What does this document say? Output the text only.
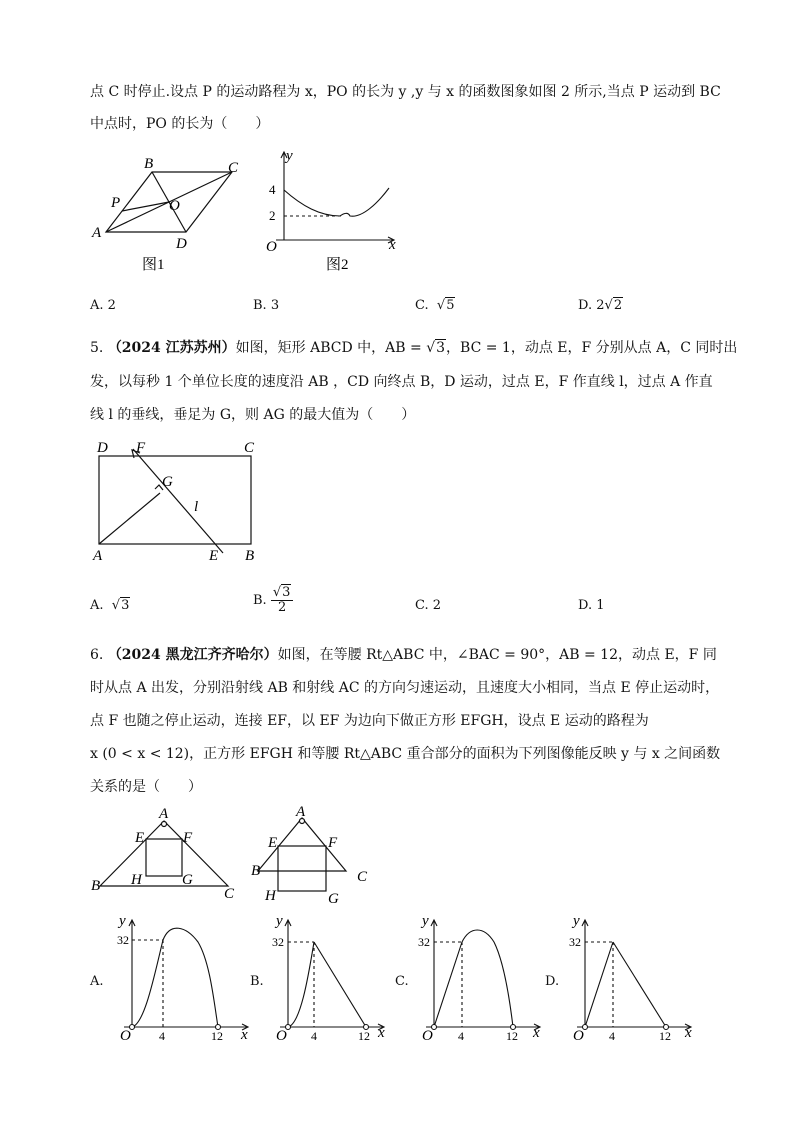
点 C 时停止.设点 P 的运动路程为 x，PO 的长为 y ,y 与 x 的函数图象如图 2 所示,当点 P 运动到 BC
中点时，PO 的长为（　　）
A
B	C
D
P	O
图1
y
x
O
4
2
图2
A. 2	B. 3	C.  √5	D. 2√2
5. （2024 江苏苏州）如图，矩形 ABCD 中，AB = √3，BC = 1，动点 E，F 分别从点 A，C 同时出
发，以每秒 1 个单位长度的速度沿 AB ，CD 向终点 B，D 运动，过点 E，F 作直线 l，过点 A 作直
线 l 的垂线，垂足为 G，则 AG 的最大值为（　　）
D F	C
G
l
A	E B
A.  √3	B. $\frac{√3}{2}$	C. 2	D. 1
6. （2024 黑龙江齐齐哈尔）如图，在等腰 Rt△ABC 中，∠BAC = 90°，AB = 12，动点 E，F 同
时从点 A 出发，分别沿射线 AB 和射线 AC 的方向匀速运动，且速度大小相同，当点 E 停止运动时，
点 F 也随之停止运动，连接 EF，以 EF 为边向下做正方形 EFGH，设点 E 运动的路程为
x (0 < x < 12)，正方形 EFGH 和等腰 Rt△ABC 重合部分的面积为下列图像能反映 y 与 x 之间函数
关系的是（　　）
A
E	F
H	G
B	C
A
E	F
B	C
H	G
A.
y
x
O
32
4	12
B.
y
x
O
32
4	12
C.
y
x
O
32
4	12
D.
y
x
O
32
4	12
